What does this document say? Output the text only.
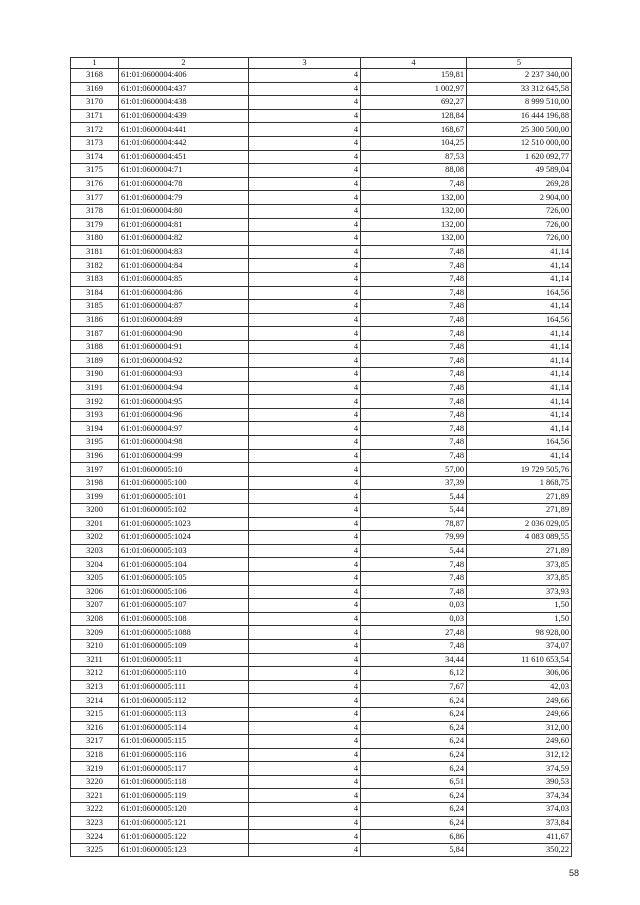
1	2	3	4	5
3168	61:01:0600004:406	4	159,81	2 237 340,00
3169	61:01:0600004:437	4	1 002,97	33 312 645,58
3170	61:01:0600004:438	4	692,27	8 999 510,00
3171	61:01:0600004:439	4	128,84	16 444 196,88
3172	61:01:0600004:441	4	168,67	25 300 500,00
3173	61:01:0600004:442	4	104,25	12 510 000,00
3174	61:01:0600004:451	4	87,53	1 620 092,77
3175	61:01:0600004:71	4	88,08	49 589,04
3176	61:01:0600004:78	4	7,48	269,28
3177	61:01:0600004:79	4	132,00	2 904,00
3178	61:01:0600004:80	4	132,00	726,00
3179	61:01:0600004:81	4	132,00	726,00
3180	61:01:0600004:82	4	132,00	726,00
3181	61:01:0600004:83	4	7,48	41,14
3182	61:01:0600004:84	4	7,48	41,14
3183	61:01:0600004:85	4	7,48	41,14
3184	61:01:0600004:86	4	7,48	164,56
3185	61:01:0600004:87	4	7,48	41,14
3186	61:01:0600004:89	4	7,48	164,56
3187	61:01:0600004:90	4	7,48	41,14
3188	61:01:0600004:91	4	7,48	41,14
3189	61:01:0600004:92	4	7,48	41,14
3190	61:01:0600004:93	4	7,48	41,14
3191	61:01:0600004:94	4	7,48	41,14
3192	61:01:0600004:95	4	7,48	41,14
3193	61:01:0600004:96	4	7,48	41,14
3194	61:01:0600004:97	4	7,48	41,14
3195	61:01:0600004:98	4	7,48	164,56
3196	61:01:0600004:99	4	7,48	41,14
3197	61:01:0600005:10	4	57,00	19 729 505,76
3198	61:01:0600005:100	4	37,39	1 868,75
3199	61:01:0600005:101	4	5,44	271,89
3200	61:01:0600005:102	4	5,44	271,89
3201	61:01:0600005:1023	4	78,87	2 036 029,05
3202	61:01:0600005:1024	4	79,99	4 083 089,55
3203	61:01:0600005:103	4	5,44	271,89
3204	61:01:0600005:104	4	7,48	373,85
3205	61:01:0600005:105	4	7,48	373,85
3206	61:01:0600005:106	4	7,48	373,93
3207	61:01:0600005:107	4	0,03	1,50
3208	61:01:0600005:108	4	0,03	1,50
3209	61:01:0600005:1088	4	27,48	98 928,00
3210	61:01:0600005:109	4	7,48	374,07
3211	61:01:0600005:11	4	34,44	11 610 653,54
3212	61:01:0600005:110	4	6,12	306,06
3213	61:01:0600005:111	4	7,67	42,03
3214	61:01:0600005:112	4	6,24	249,66
3215	61:01:0600005:113	4	6,24	249,66
3216	61:01:0600005:114	4	6,24	312,00
3217	61:01:0600005:115	4	6,24	249,60
3218	61:01:0600005:116	4	6,24	312,12
3219	61:01:0600005:117	4	6,24	374,59
3220	61:01:0600005:118	4	6,51	390,53
3221	61:01:0600005:119	4	6,24	374,34
3222	61:01:0600005:120	4	6,24	374,03
3223	61:01:0600005:121	4	6,24	373,84
3224	61:01:0600005:122	4	6,86	411,67
3225	61:01:0600005:123	4	5,84	350,22
58
